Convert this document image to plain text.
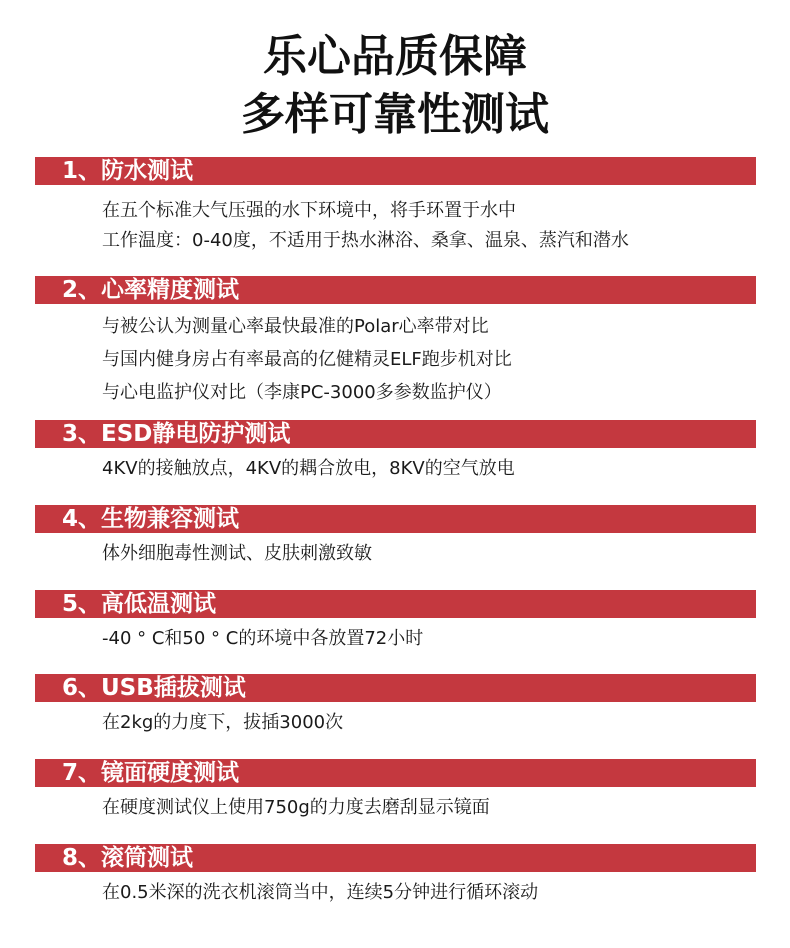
乐心品质保障
多样可靠性测试
1、防水测试
在五个标准大气压强的水下环境中，将手环置于水中
工作温度：0-40度，不适用于热水淋浴、桑拿、温泉、蒸汽和潜水
2、心率精度测试
与被公认为测量心率最快最准的Polar心率带对比
与国内健身房占有率最高的亿健精灵ELF跑步机对比
与心电监护仪对比（李康PC-3000多参数监护仪）
3、ESD静电防护测试
4KV的接触放点，4KV的耦合放电，8KV的空气放电
4、生物兼容测试
体外细胞毒性测试、皮肤刺激致敏
5、高低温测试
-40 ° C和50 ° C的环境中各放置72小时
6、USB插拔测试
在2kg的力度下，拔插3000次
7、镜面硬度测试
在硬度测试仪上使用750g的力度去磨刮显示镜面
8、滚筒测试
在0.5米深的洗衣机滚筒当中，连续5分钟进行循环滚动
